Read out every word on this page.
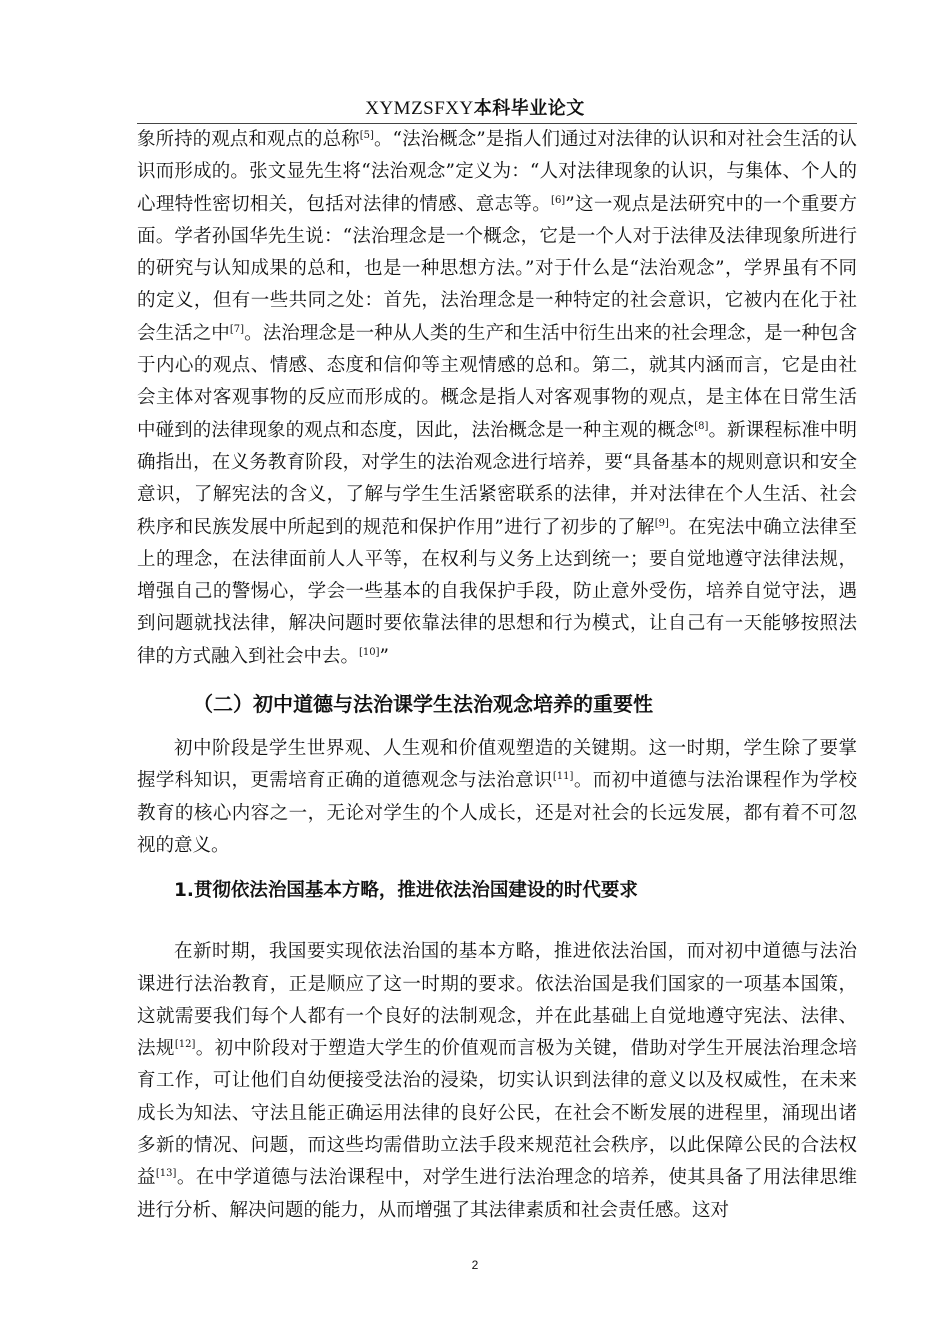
XYMZSFXY本科毕业论文

象所持的观点和观点的总称[5]。“法治概念”是指人们通过对法律的认识和对社会生活的认识而形成的。张文显先生将“法治观念”定义为：“人对法律现象的认识，与集体、个人的心理特性密切相关，包括对法律的情感、意志等。[6]”这一观点是法研究中的一个重要方面。学者孙国华先生说：“法治理念是一个概念，它是一个人对于法律及法律现象所进行的研究与认知成果的总和，也是一种思想方法。”对于什么是“法治观念”，学界虽有不同的定义，但有一些共同之处：首先，法治理念是一种特定的社会意识，它被内在化于社会生活之中[7]。法治理念是一种从人类的生产和生活中衍生出来的社会理念，是一种包含于内心的观点、情感、态度和信仰等主观情感的总和。第二，就其内涵而言，它是由社会主体对客观事物的反应而形成的。概念是指人对客观事物的观点，是主体在日常生活中碰到的法律现象的观点和态度，因此，法治概念是一种主观的概念[8]。新课程标准中明确指出，在义务教育阶段，对学生的法治观念进行培养，要“具备基本的规则意识和安全意识，了解宪法的含义，了解与学生生活紧密联系的法律，并对法律在个人生活、社会秩序和民族发展中所起到的规范和保护作用”进行了初步的了解[9]。在宪法中确立法律至上的理念，在法律面前人人平等，在权利与义务上达到统一；要自觉地遵守法律法规，增强自己的警惕心，学会一些基本的自我保护手段，防止意外受伤，培养自觉守法，遇到问题就找法律，解决问题时要依靠法律的思想和行为模式，让自己有一天能够按照法律的方式融入到社会中去。[10]”

（二）初中道德与法治课学生法治观念培养的重要性

初中阶段是学生世界观、人生观和价值观塑造的关键期。这一时期，学生除了要掌握学科知识，更需培育正确的道德观念与法治意识[11]。而初中道德与法治课程作为学校教育的核心内容之一，无论对学生的个人成长，还是对社会的长远发展，都有着不可忽视的意义。

1.贯彻依法治国基本方略，推进依法治国建设的时代要求

在新时期，我国要实现依法治国的基本方略，推进依法治国，而对初中道德与法治课进行法治教育，正是顺应了这一时期的要求。依法治国是我们国家的一项基本国策，这就需要我们每个人都有一个良好的法制观念，并在此基础上自觉地遵守宪法、法律、法规[12]。初中阶段对于塑造大学生的价值观而言极为关键，借助对学生开展法治理念培育工作，可让他们自幼便接受法治的浸染，切实认识到法律的意义以及权威性，在未来成长为知法、守法且能正确运用法律的良好公民，在社会不断发展的进程里，涌现出诸多新的情况、问题，而这些均需借助立法手段来规范社会秩序，以此保障公民的合法权益[13]。在中学道德与法治课程中，对学生进行法治理念的培养，使其具备了用法律思维进行分析、解决问题的能力，从而增强了其法律素质和社会责任感。这对

2
